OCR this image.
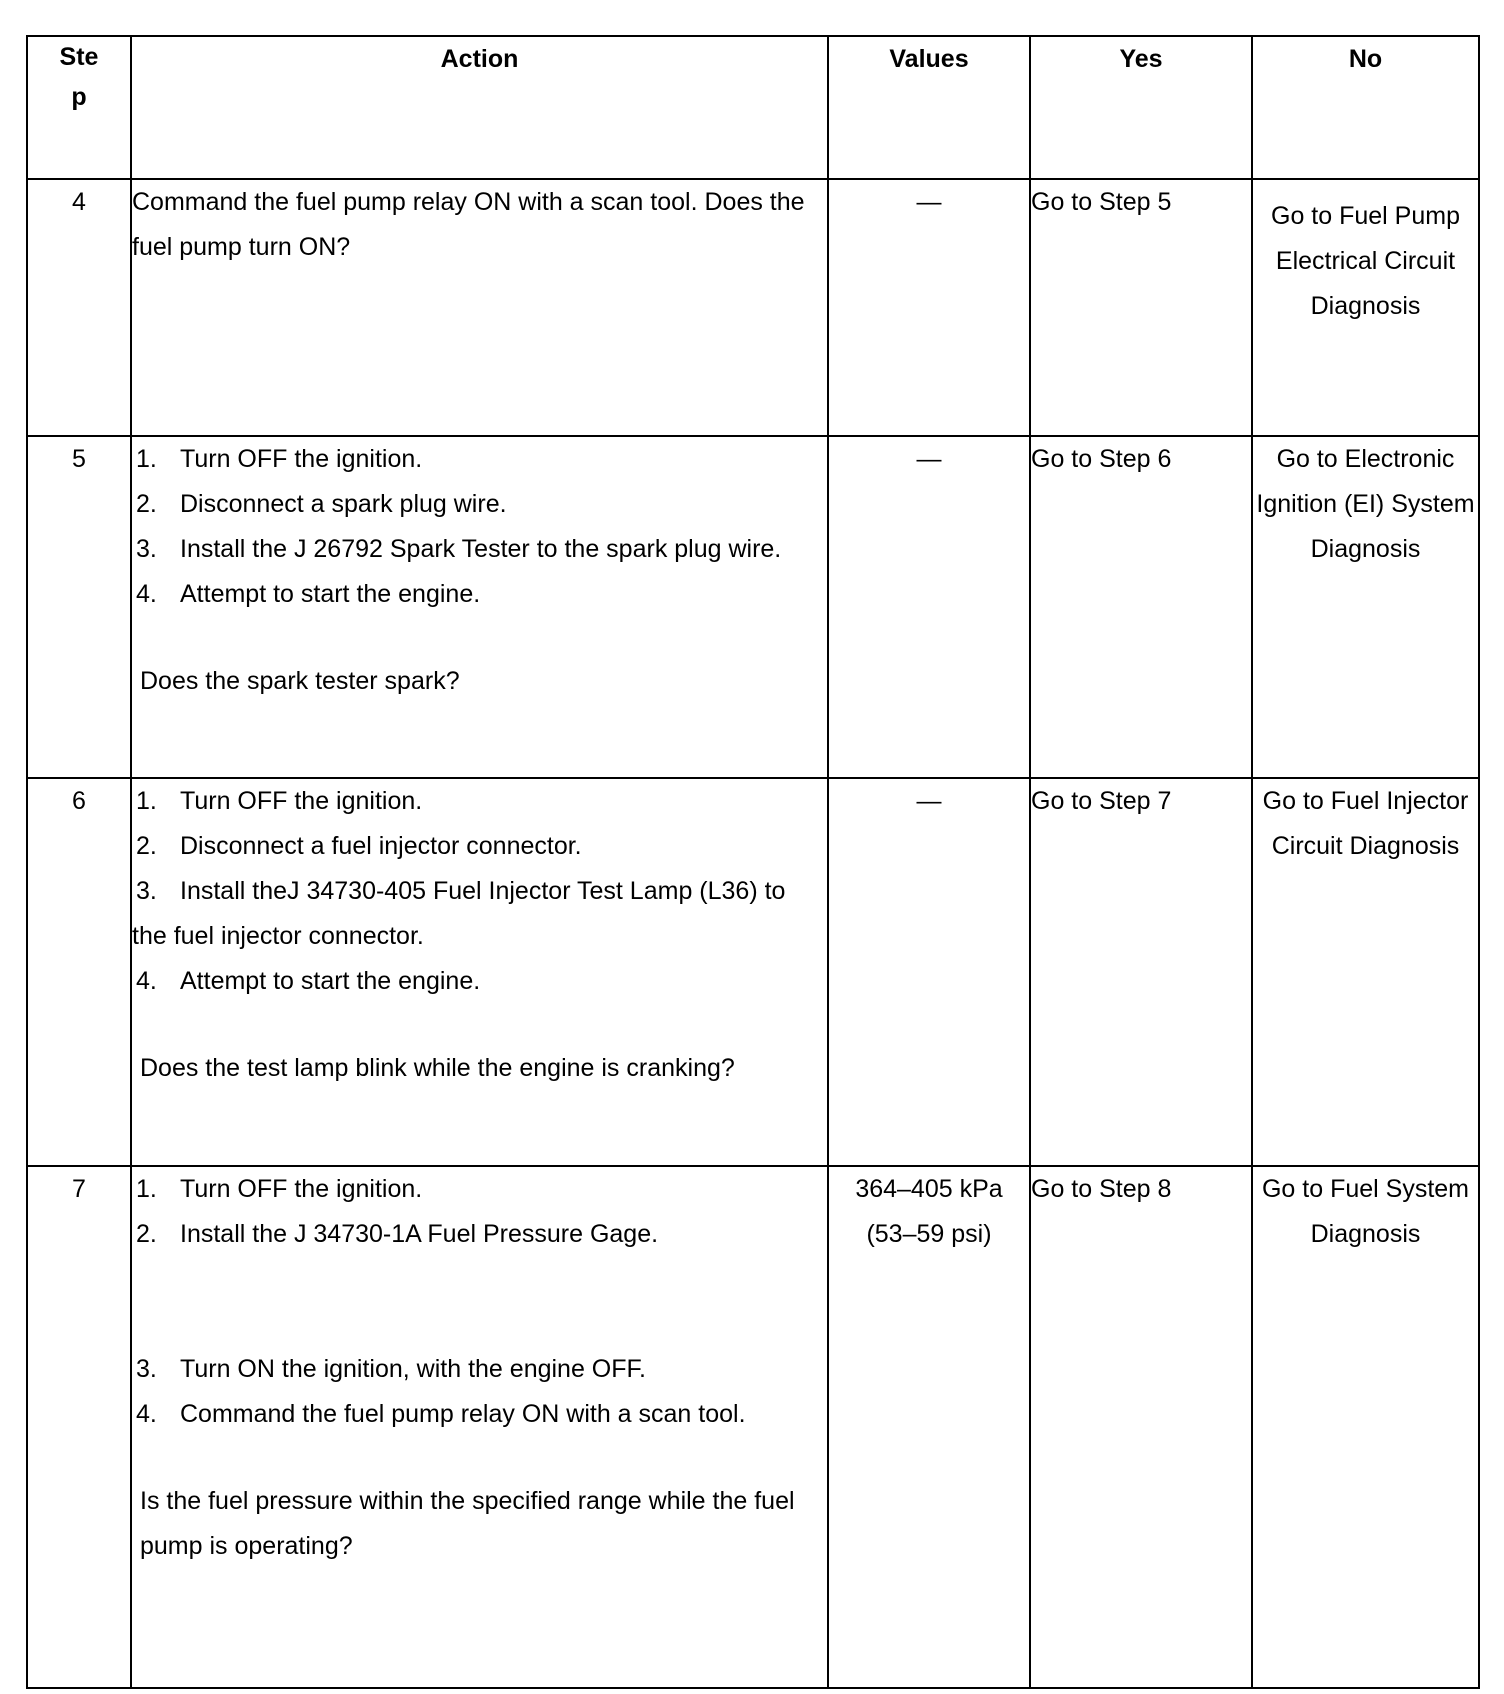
Step	Action	Values	Yes	No
4	Command the fuel pump relay ON with a scan tool. Does the fuel pump turn ON?	—	Go to Step 5	Go to Fuel Pump Electrical Circuit Diagnosis
5	1. Turn OFF the ignition.
2. Disconnect a spark plug wire.
3. Install the J 26792 Spark Tester to the spark plug wire.
4. Attempt to start the engine.
Does the spark tester spark?	—	Go to Step 6	Go to Electronic Ignition (EI) System Diagnosis
6	1. Turn OFF the ignition.
2. Disconnect a fuel injector connector.
3. Install theJ 34730-405 Fuel Injector Test Lamp (L36) to the fuel injector connector.
4. Attempt to start the engine.
Does the test lamp blink while the engine is cranking?	—	Go to Step 7	Go to Fuel Injector Circuit Diagnosis
7	1. Turn OFF the ignition.
2. Install the J 34730-1A Fuel Pressure Gage.
3. Turn ON the ignition, with the engine OFF.
4. Command the fuel pump relay ON with a scan tool.
Is the fuel pressure within the specified range while the fuel pump is operating?	364–405 kPa (53–59 psi)	Go to Step 8	Go to Fuel System Diagnosis
